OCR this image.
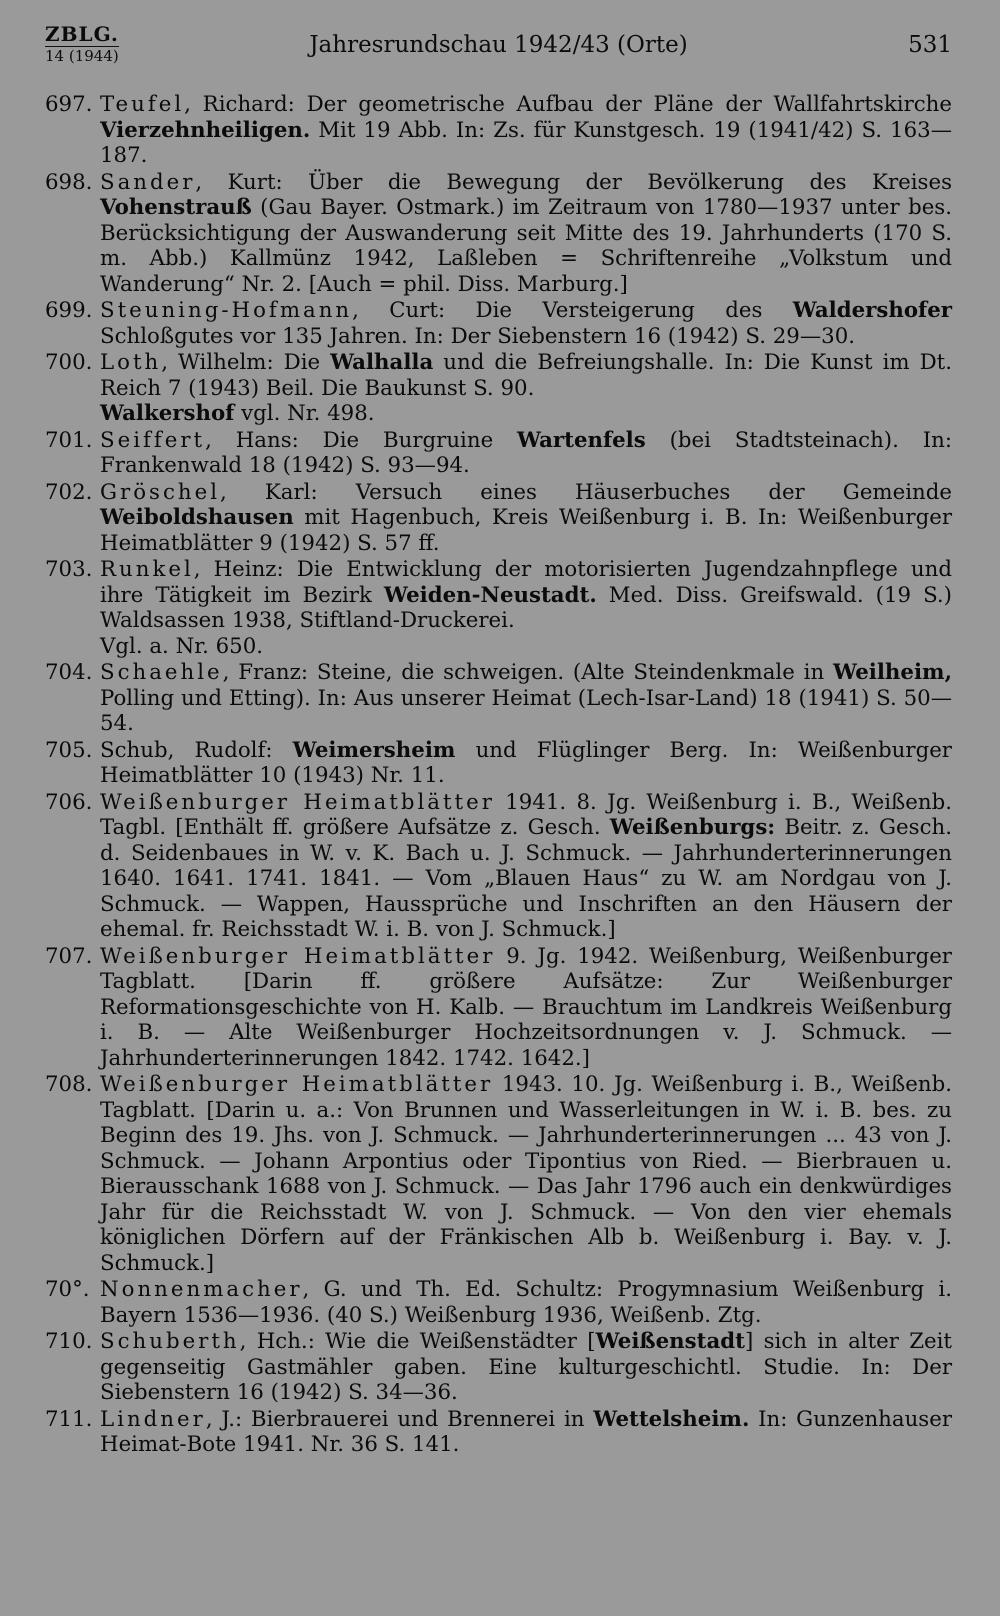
ZBLG.
14 (1944)	Jahresrundschau 1942/43 (Orte)	531
697. Teufel, Richard: Der geometrische Aufbau der Pläne der Wallfahrtskirche Vierzehnheiligen. Mit 19 Abb. In: Zs. für Kunstgesch. 19 (1941/42) S. 163—187.
698. Sander, Kurt: Über die Bewegung der Bevölkerung des Kreises Vohenstrauß (Gau Bayer. Ostmark.) im Zeitraum von 1780—1937 unter bes. Berücksichtigung der Auswanderung seit Mitte des 19. Jahrhunderts (170 S. m. Abb.) Kallmünz 1942, Laßleben = Schriftenreihe „Volkstum und Wanderung“ Nr. 2. [Auch = phil. Diss. Marburg.]
699. Steuning-Hofmann, Curt: Die Versteigerung des Waldershofer Schloßgutes vor 135 Jahren. In: Der Siebenstern 16 (1942) S. 29—30.
700. Loth, Wilhelm: Die Walhalla und die Befreiungshalle. In: Die Kunst im Dt. Reich 7 (1943) Beil. Die Baukunst S. 90.
Walkershof vgl. Nr. 498.
701. Seiffert, Hans: Die Burgruine Wartenfels (bei Stadtsteinach). In: Frankenwald 18 (1942) S. 93—94.
702. Gröschel, Karl: Versuch eines Häuserbuches der Gemeinde Weiboldshausen mit Hagenbuch, Kreis Weißenburg i. B. In: Weißenburger Heimatblätter 9 (1942) S. 57 ff.
703. Runkel, Heinz: Die Entwicklung der motorisierten Jugendzahnpflege und ihre Tätigkeit im Bezirk Weiden-Neustadt. Med. Diss. Greifswald. (19 S.) Waldsassen 1938, Stiftland-Druckerei.
Vgl. a. Nr. 650.
704. Schaehle, Franz: Steine, die schweigen. (Alte Steindenkmale in Weilheim, Polling und Etting). In: Aus unserer Heimat (Lech-Isar-Land) 18 (1941) S. 50—54.
705. Schub, Rudolf: Weimersheim und Flüglinger Berg. In: Weißenburger Heimatblätter 10 (1943) Nr. 11.
706. Weißenburger Heimatblätter 1941. 8. Jg. Weißenburg i. B., Weißenb. Tagbl. [Enthält ff. größere Aufsätze z. Gesch. Weißenburgs: Beitr. z. Gesch. d. Seidenbaues in W. v. K. Bach u. J. Schmuck. — Jahrhunderterinnerungen 1640. 1641. 1741. 1841. — Vom „Blauen Haus“ zu W. am Nordgau von J. Schmuck. — Wappen, Haussprüche und Inschriften an den Häusern der ehemal. fr. Reichsstadt W. i. B. von J. Schmuck.]
707. Weißenburger Heimatblätter 9. Jg. 1942. Weißenburg, Weißenburger Tagblatt. [Darin ff. größere Aufsätze: Zur Weißenburger Reformationsgeschichte von H. Kalb. — Brauchtum im Landkreis Weißenburg i. B. — Alte Weißenburger Hochzeitsordnungen v. J. Schmuck. — Jahrhunderterinnerungen 1842. 1742. 1642.]
708. Weißenburger Heimatblätter 1943. 10. Jg. Weißenburg i. B., Weißenb. Tagblatt. [Darin u. a.: Von Brunnen und Wasserleitungen in W. i. B. bes. zu Beginn des 19. Jhs. von J. Schmuck. — Jahrhunderterinnerungen ... 43 von J. Schmuck. — Johann Arpontius oder Tipontius von Ried. — Bierbrauen u. Bierausschank 1688 von J. Schmuck. — Das Jahr 1796 auch ein denkwürdiges Jahr für die Reichsstadt W. von J. Schmuck. — Von den vier ehemals königlichen Dörfern auf der Fränkischen Alb b. Weißenburg i. Bay. v. J. Schmuck.]
70°. Nonnenmacher, G. und Th. Ed. Schultz: Progymnasium Weißenburg i. Bayern 1536—1936. (40 S.) Weißenburg 1936, Weißenb. Ztg.
710. Schuberth, Hch.: Wie die Weißenstädter [Weißenstadt] sich in alter Zeit gegenseitig Gastmähler gaben. Eine kulturgeschichtl. Studie. In: Der Siebenstern 16 (1942) S. 34—36.
711. Lindner, J.: Bierbrauerei und Brennerei in Wettelsheim. In: Gunzenhauser Heimat-Bote 1941. Nr. 36 S. 141.
